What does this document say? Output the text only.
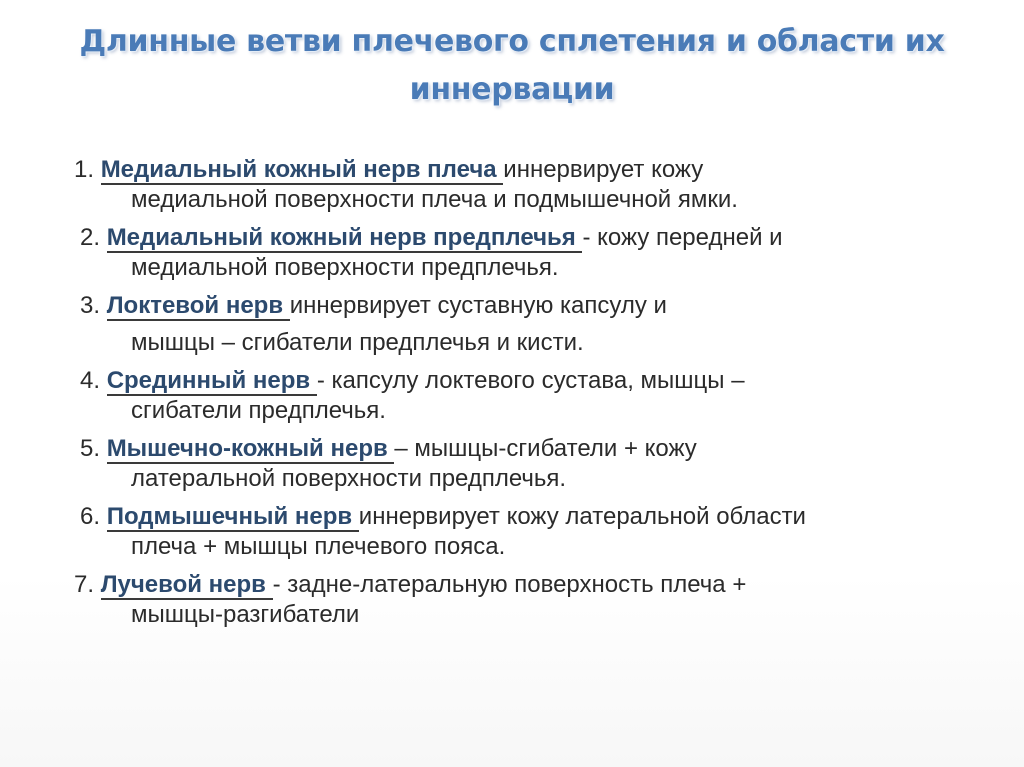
Длинные ветви плечевого сплетения и области их
иннервации
1. Медиальный кожный нерв плеча иннервирует кожу
медиальной поверхности плеча и подмышечной ямки.
2. Медиальный кожный нерв предплечья - кожу передней и
медиальной поверхности предплечья.
3. Локтевой нерв иннервирует суставную капсулу и
мышцы – сгибатели предплечья и кисти.
4. Срединный нерв - капсулу локтевого сустава, мышцы –
сгибатели предплечья.
5. Мышечно-кожный нерв – мышцы-сгибатели + кожу
латеральной поверхности предплечья.
6. Подмышечный нерв иннервирует кожу латеральной области
плеча + мышцы плечевого пояса.
7. Лучевой нерв - задне-латеральную поверхность плеча +
мышцы-разгибатели
